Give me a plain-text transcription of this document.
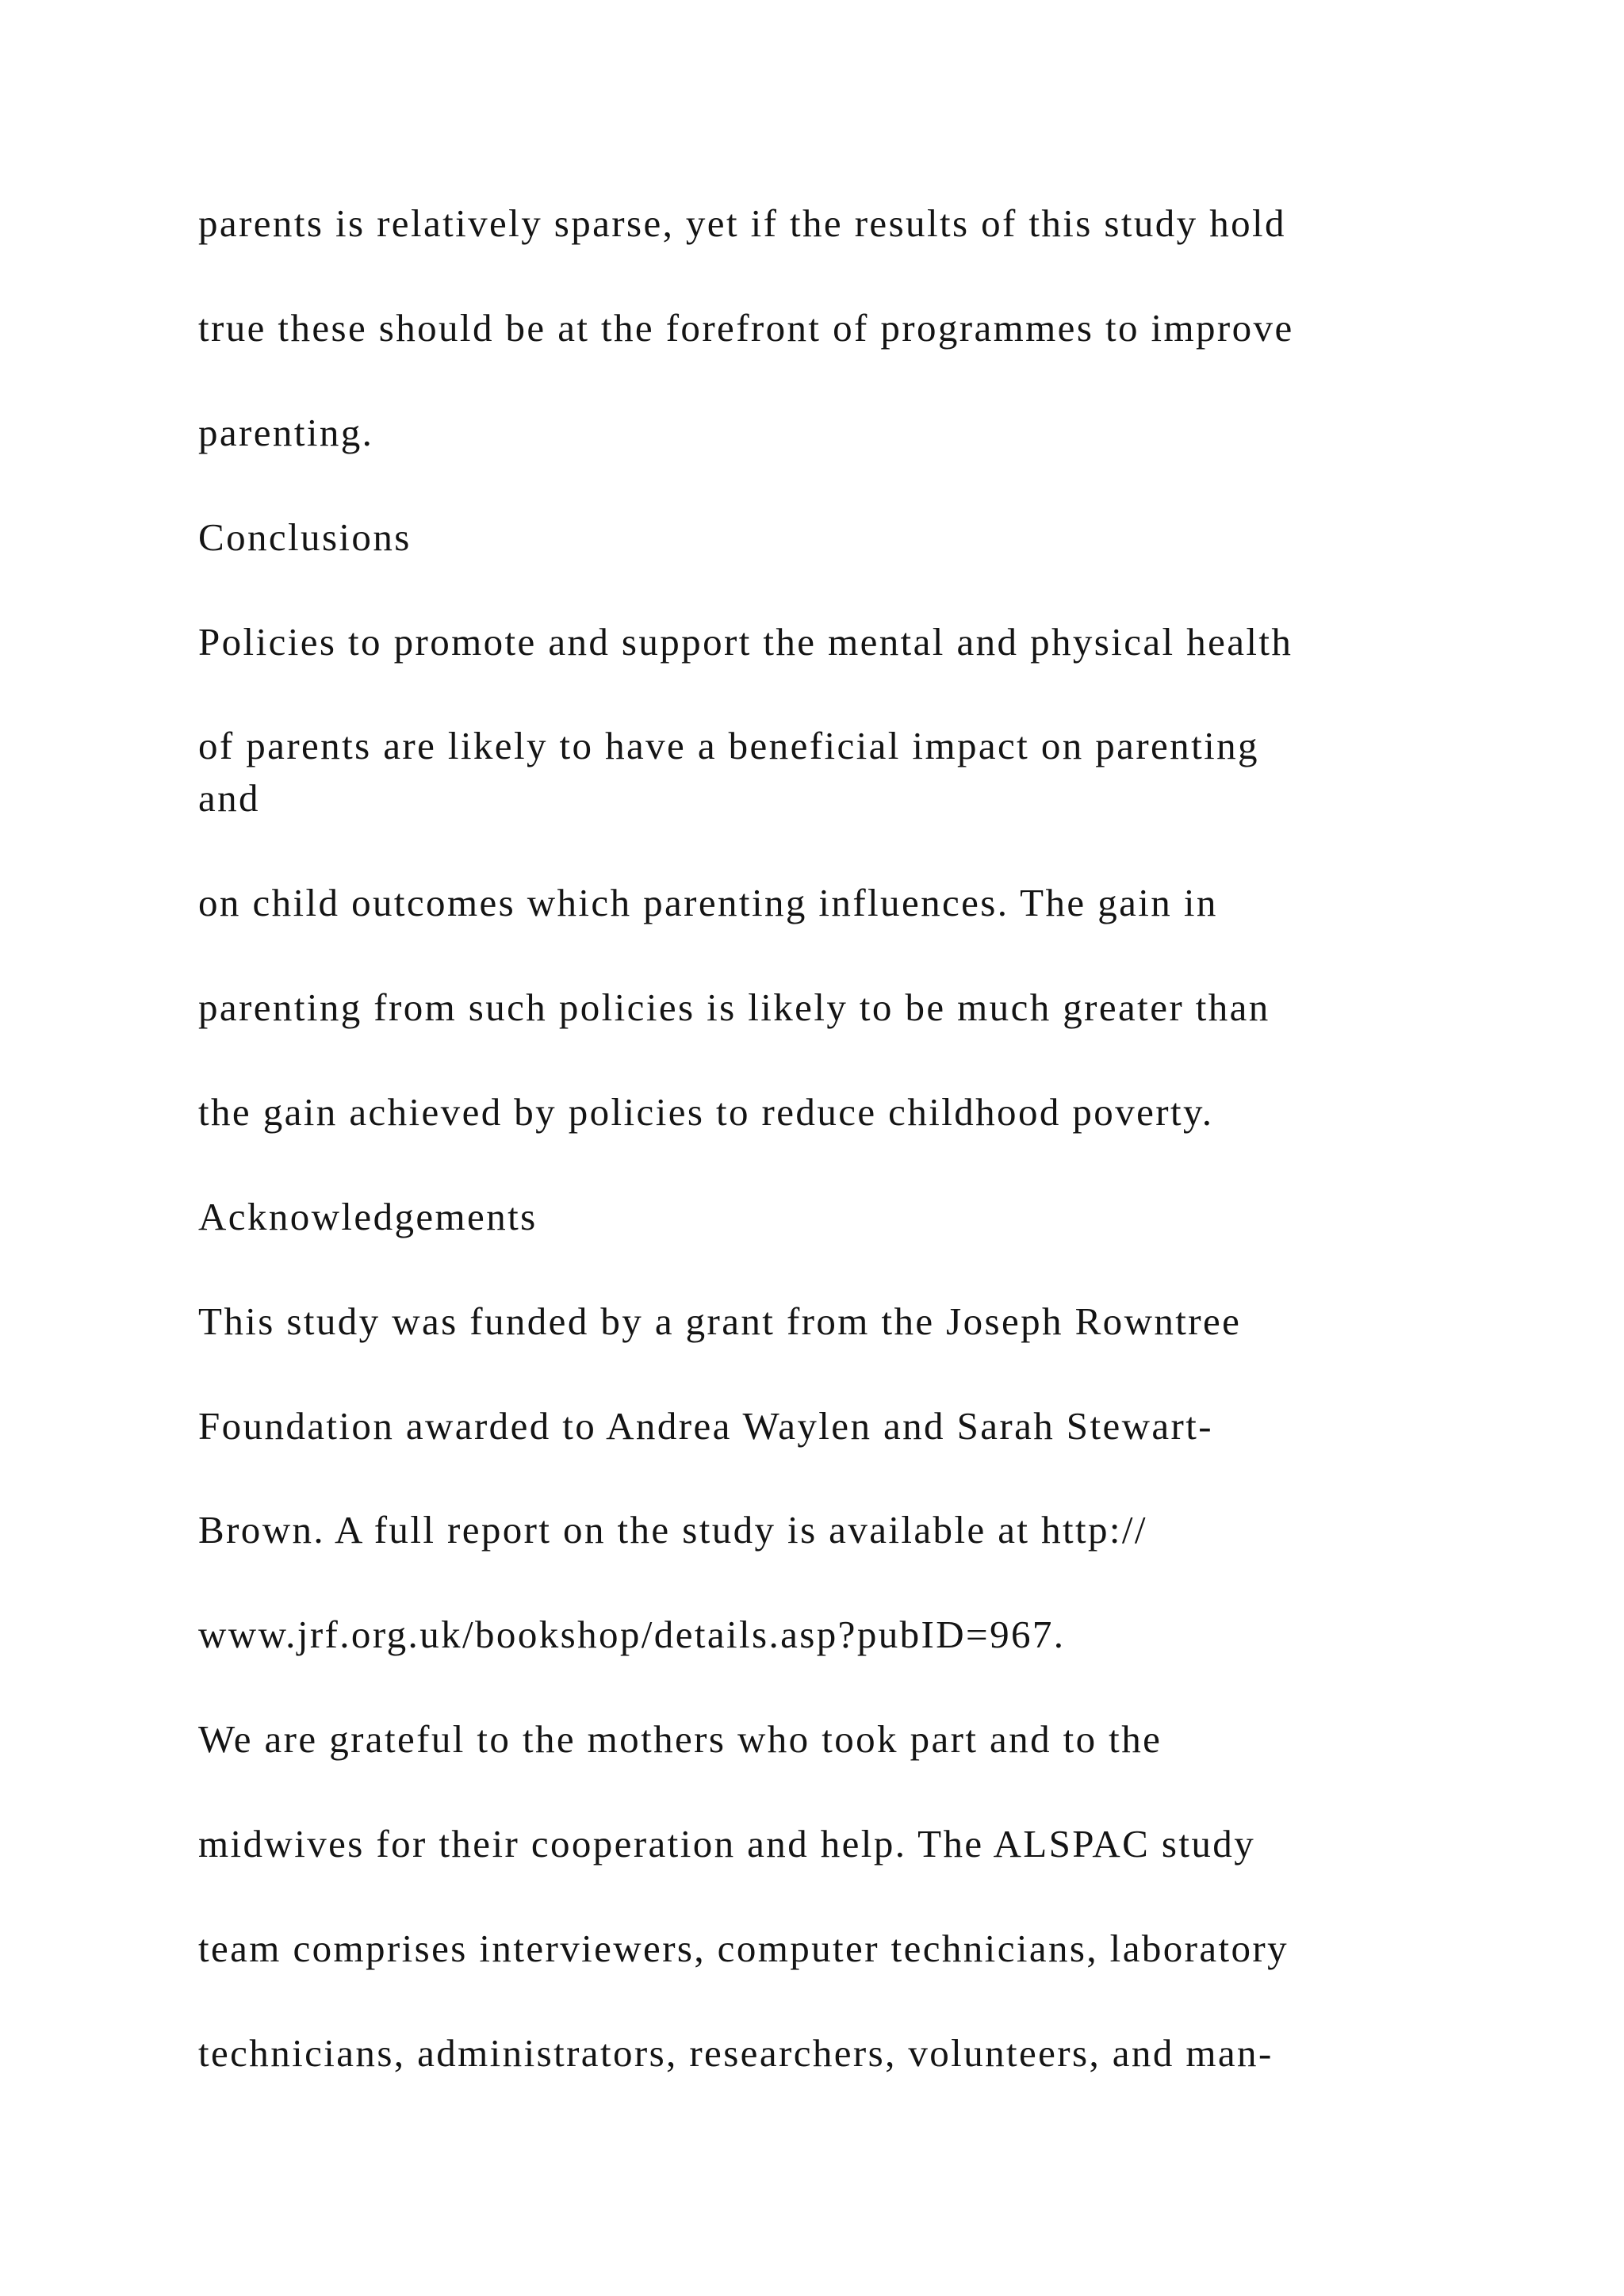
parents is relatively sparse, yet if the results of this study hold

true these should be at the forefront of programmes to improve

parenting.

Conclusions

Policies to promote and support the mental and physical health

of parents are likely to have a beneficial impact on parenting

and

on child outcomes which parenting influences. The gain in

parenting from such policies is likely to be much greater than

the gain achieved by policies to reduce childhood poverty.

Acknowledgements

This study was funded by a grant from the Joseph Rowntree

Foundation awarded to Andrea Waylen and Sarah Stewart-

Brown. A full report on the study is available at http://

www.jrf.org.uk/bookshop/details.asp?pubID=967.

We are grateful to the mothers who took part and to the

midwives for their cooperation and help. The ALSPAC study

team comprises interviewers, computer technicians, laboratory

technicians, administrators, researchers, volunteers, and man-
